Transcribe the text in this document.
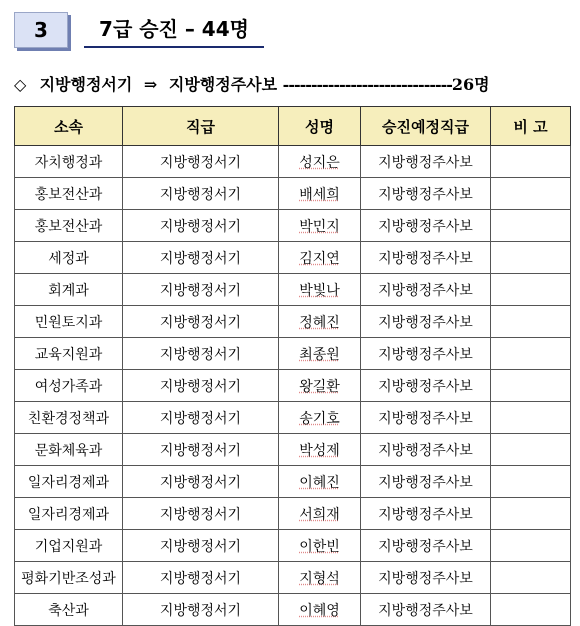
3	7급 승진 – 44명
◇ 지방행정서기 ⇒ 지방행정주사보 ------------------------------26명
소속	직급	성명	승진예정직급	비 고
자치행정과	지방행정서기	성지은	지방행정주사보	
홍보전산과	지방행정서기	배세희	지방행정주사보	
홍보전산과	지방행정서기	박민지	지방행정주사보	
세정과	지방행정서기	김지연	지방행정주사보	
회계과	지방행정서기	박빛나	지방행정주사보	
민원토지과	지방행정서기	정혜진	지방행정주사보	
교육지원과	지방행정서기	최종원	지방행정주사보	
여성가족과	지방행정서기	왕길환	지방행정주사보	
친환경정책과	지방행정서기	송기호	지방행정주사보	
문화체육과	지방행정서기	박성제	지방행정주사보	
일자리경제과	지방행정서기	이혜진	지방행정주사보	
일자리경제과	지방행정서기	서희재	지방행정주사보	
기업지원과	지방행정서기	이한빈	지방행정주사보	
평화기반조성과	지방행정서기	지형석	지방행정주사보	
축산과	지방행정서기	이혜영	지방행정주사보	
